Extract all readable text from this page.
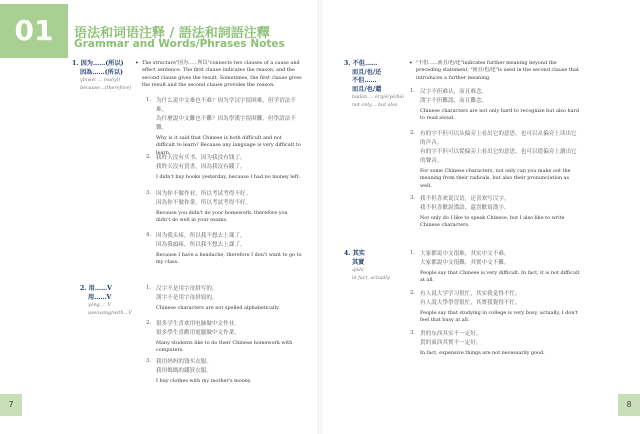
01	语法和词语注释 / 語法和詞語注釋
Grammar and Words/Phrases Notes
1. 因为……(所以)
因為……(所以)
yīnwèi … (suǒyǐ)
because…(therefore)
• The structure"因为……所以"connects two clauses of a cause and effect sentence. The first clause indicates the reason, and the second clause gives the result. Sometimes, the first clause gives the result and the second clause provides the reason.
1. 为什么说中文难也不难？因为学汉字很困难，但学语法不难。
為什麼說中文難也不難？因為學漢字很困難，但學語法不難。
Why is it said that Chinese is both difficult and not difficult to learn? Because any language is very difficult to learn.
2. 我昨天没有买书，因为我没有钱了。
我昨天沒有買書，因為我沒有錢了。
I didn't buy books yesterday, because I had no money left.
3. 因为你不做作业，所以考试考得不好。
因為你不做作業，所以考試考得不好。
Because you didn't do your homework, therefore you didn't do well in your exams.
4. 因为我头疼，所以我不想去上课了。
因為我頭疼，所以我不想去上課了。
Because I have a headache, therefore I don't want to go to my class.
2. 用……V
用……V
yòng … V
use/using/with…V
1. 汉字不是用字母拼写的。
漢字不是用字母拼寫的。
Chinese characters are not spelled alphabetically.
2. 很多学生喜欢用电脑做中文作业。
很多學生喜歡用電腦做中文作業。
Many students like to do their Chinese homework with computers.
3. 我用妈妈的钱买衣服。
我用媽媽的錢買衣服。
I buy clothes with my mother's money.
3. 不但……
而且/也/还
不但……
而且/也/還
búdàn … érqiě/yě/hái
not only… but also
• "不但……而且/也/还"indicates further meaning beyond the preceding statement. "而且/也/还"is used in the second clause that introduces a further meaning.
1. 汉字不但难认，而且难念。
漢字不但難認，而且難念。
Chinese characters are not only hard to recognize but also hard to read aloud.
2. 有的字不但可以从偏旁上看出它的意思，也可以从偏旁上读出它的声音。
有的字不但可以從偏旁上看出它的意思，也可以從偏旁上讀出它的聲音。
For some Chinese characters, not only can you make out the meaning from their radicals, but also their pronunciation as well.
3. 我不但喜欢说汉语，还喜欢写汉字。
我不但喜歡說漢語，還喜歡寫漢字。
Not only do I like to speak Chinese, but I also like to write Chinese characters.
4. 其实
其實
qíshí
in fact, actually
1. 大家都说中文很难，其实中文不难。
大家都說中文很難，其實中文不難。
People say that Chinese is very difficult. In fact, it is not difficult at all.
2. 有人说大学学习很忙，其实我觉得不忙。
有人說大學學習很忙，其實我覺得不忙。
People say that studying in college is very busy, actually, I don't feel that busy at all.
3. 贵的东西其实不一定好。
貴的東西其實不一定好。
In fact, expensive things are not necessarily good.
7	8
